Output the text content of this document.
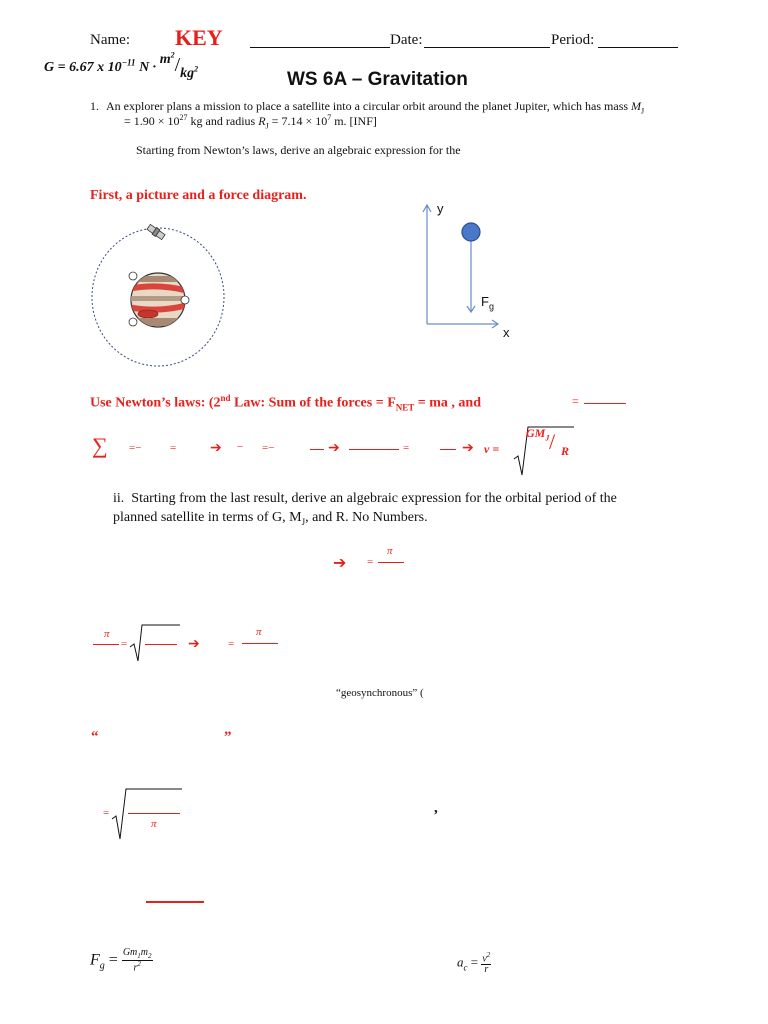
Name: KEY	Date:	Period:
G = 6.67 x $10^{-11}$ $N \cdot m^2/kg^2$
WS 6A – Gravitation
1. An explorer plans a mission to place a satellite into a circular orbit around the planet Jupiter, which has mass $M_J$
= $1.90 \times 10^{27}$ kg and radius $R_J = 7.14 \times 10^7$ m. [INF]
Starting from Newton’s laws, derive an algebraic expression for the
First, a picture and a force diagram.
y
x
$F_g$
Use Newton’s laws: (2nd Law: Sum of the forces = $F_{NET}$ = ma , and	=
∑ =−	= ➔ − =−	➔	=	➔ v =
$GM_J$ / R
ii. Starting from the last result, derive an algebraic expression for the orbital period of the
planned satellite in terms of G, $M_J$, and R. No Numbers.
➔ =
π
π
=	➔	=
π
“geosynchronous” (
“	”
=
π
,
$F_g = \frac{Gm_1m_2}{r^2}$	$a_c = \frac{v^2}{r}$
